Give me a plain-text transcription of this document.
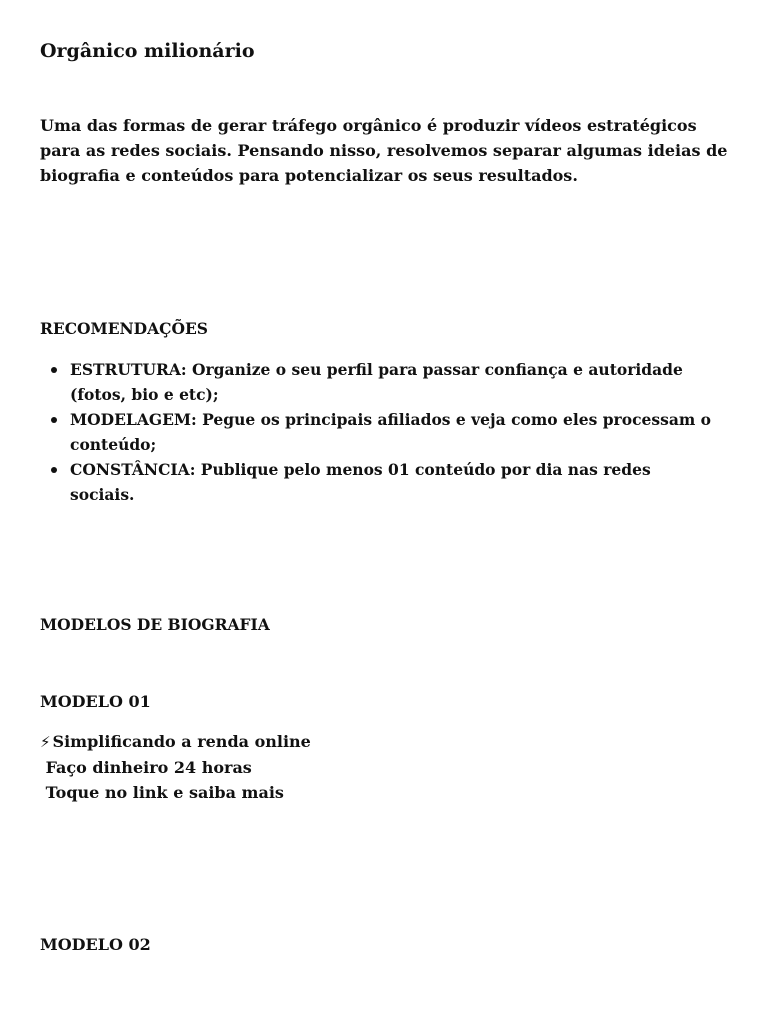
Orgânico milionário

Uma das formas de gerar tráfego orgânico é produzir vídeos estratégicos para as redes sociais. Pensando nisso, resolvemos separar algumas ideias de biografia e conteúdos para potencializar os seus resultados.

RECOMENDAÇÕES
ESTRUTURA: Organize o seu perfil para passar confiança e autoridade (fotos, bio e etc);
MODELAGEM: Pegue os principais afiliados e veja como eles processam o conteúdo;
CONSTÂNCIA: Publique pelo menos 01 conteúdo por dia nas redes sociais.
MODELOS DE BIOGRAFIA
MODELO 01
⚡ Simplificando a renda online
Faço dinheiro 24 horas
Toque no link e saiba mais
MODELO 02
